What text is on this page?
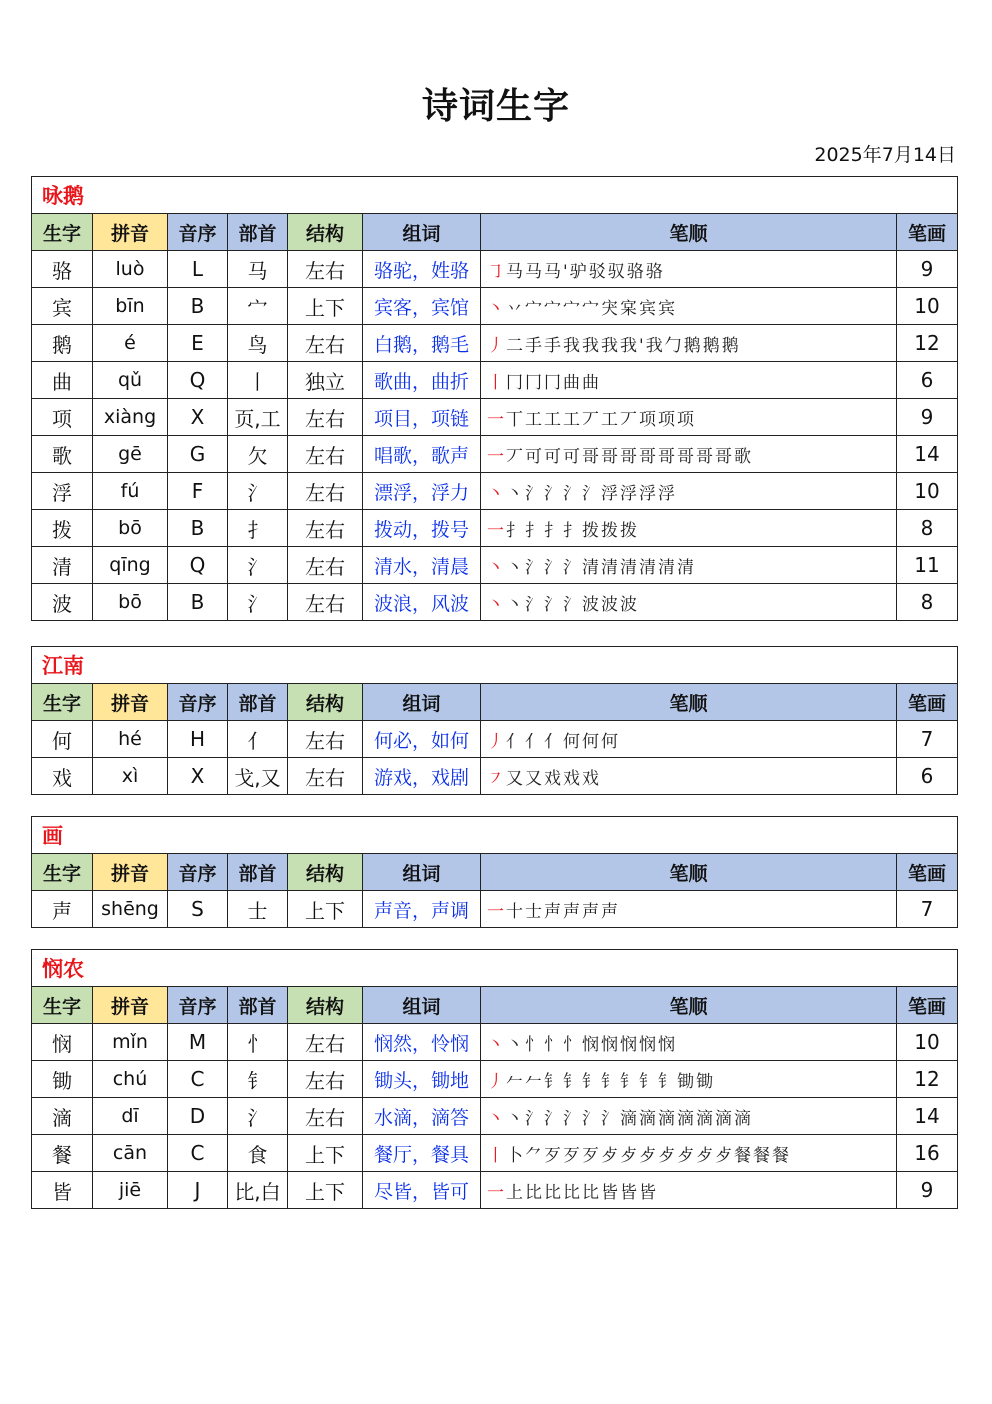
诗词生字
2025年7月14日
咏鹅							
生字	拼音	音序	部首	结构	组词	笔顺	笔画
骆	luò	L	马	左右	骆驼，姓骆	㇆马马马'驴驳驭骆骆	9
宾	bīn	B	宀	上下	宾客，宾馆	丶丷宀宀宀宀宊宲宾宾	10
鹅	é	E	鸟	左右	白鹅，鹅毛	丿二手手我我我我'我勹鹅鹅鹅	12
曲	qǔ	Q	丨	独立	歌曲，曲折	丨冂冂冂曲曲	6
项	xiàng	X	页,工	左右	项目，项链	一丅工工工丆工丆项项项	9
歌	gē	G	欠	左右	唱歌，歌声	一丆可可可哥哥哥哥哥哥哥哥歌	14
浮	fú	F	氵	左右	漂浮，浮力	丶丶氵氵氵氵浮浮浮浮	10
拨	bō	B	扌	左右	拨动，拨号	一扌扌扌扌拨拨拨	8
清	qīng	Q	氵	左右	清水，清晨	丶丶氵氵氵清清清清清清	11
波	bō	B	氵	左右	波浪，风波	丶丶氵氵氵波波波	8
江南							
生字	拼音	音序	部首	结构	组词	笔顺	笔画
何	hé	H	亻	左右	何必，如何	丿亻亻亻何何何	7
戏	xì	X	戈,又	左右	游戏，戏剧	㇇又又戏戏戏	6
画							
生字	拼音	音序	部首	结构	组词	笔顺	笔画
声	shēng	S	士	上下	声音，声调	一十士声声声声	7
悯农							
生字	拼音	音序	部首	结构	组词	笔顺	笔画
悯	mǐn	M	忄	左右	悯然，怜悯	丶丶忄忄忄悯悯悯悯悯	10
锄	chú	C	钅	左右	锄头，锄地	丿𠂉𠂉钅钅钅钅钅钅钅锄锄	12
滴	dī	D	氵	左右	水滴，滴答	丶丶氵氵氵氵氵滴滴滴滴滴滴滴	14
餐	cān	C	食	上下	餐厅，餐具	丨卜⺈歹歹歹歺歺歺歺歺歺歺餐餐餐	16
皆	jiē	J	比,白	上下	尽皆，皆可	一上比比比比皆皆皆	9
